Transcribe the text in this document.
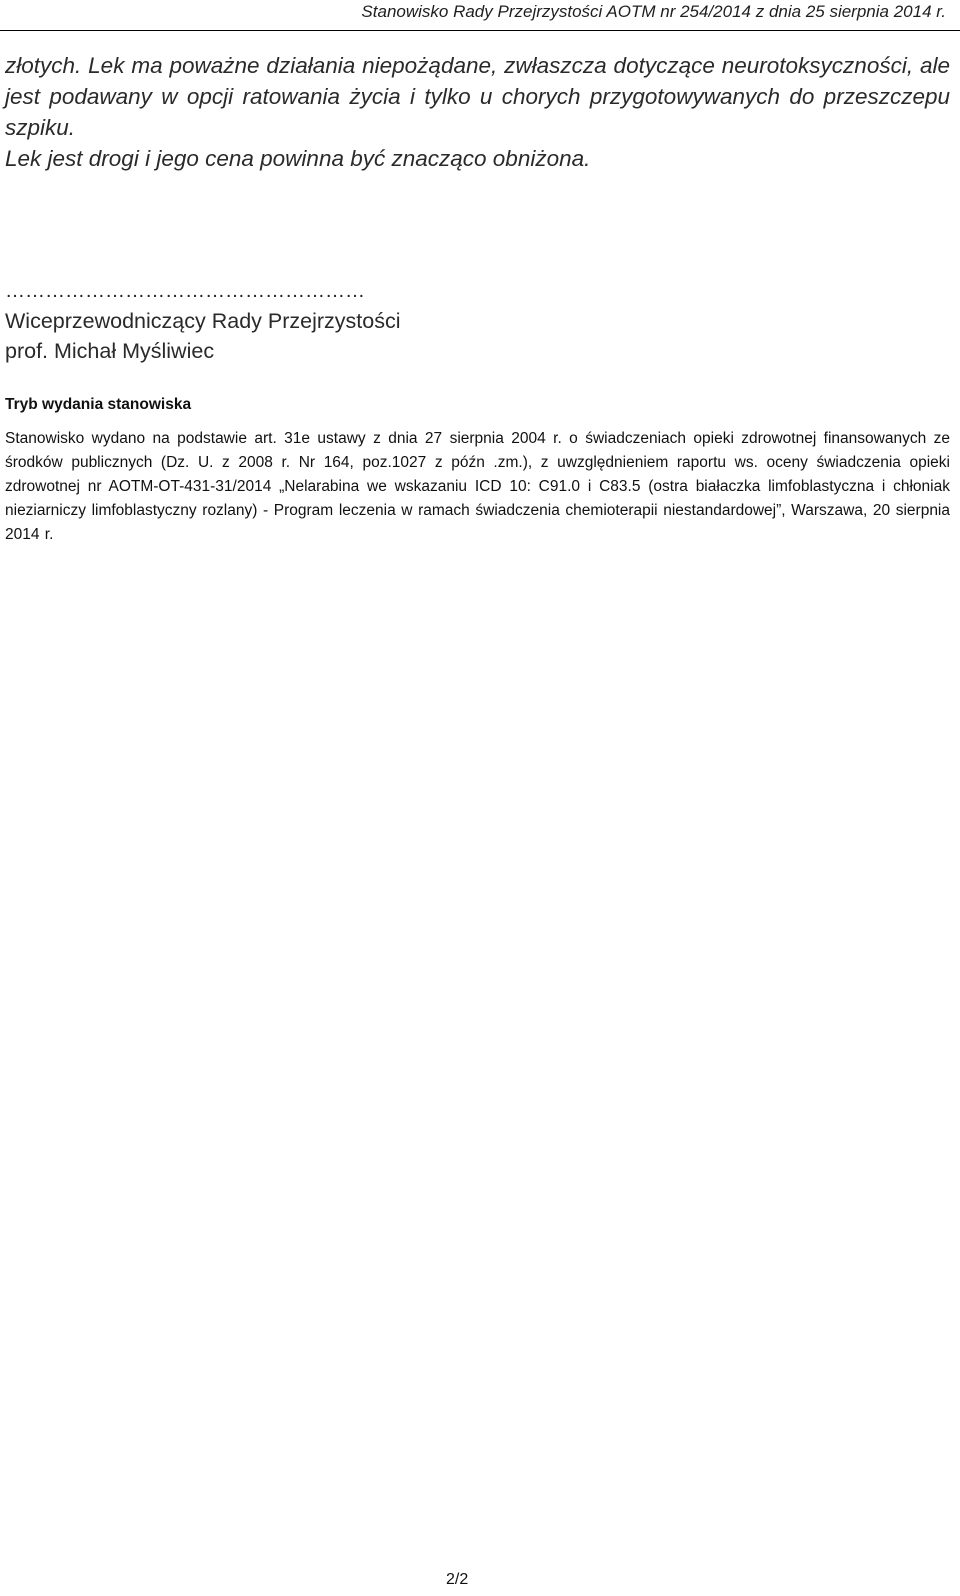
Stanowisko Rady Przejrzystości AOTM nr 254/2014 z dnia 25 sierpnia 2014 r.

złotych. Lek ma poważne działania niepożądane, zwłaszcza dotyczące neurotoksyczności, ale jest podawany w opcji ratowania życia i tylko u chorych przygotowywanych do przeszczepu szpiku.

Lek jest drogi i jego cena powinna być znacząco obniżona.

………………………………………………

Wiceprzewodniczący Rady Przejrzystości

prof. Michał Myśliwiec

Tryb wydania stanowiska

Stanowisko wydano na podstawie art. 31e ustawy z dnia 27 sierpnia 2004 r. o świadczeniach opieki zdrowotnej finansowanych ze środków publicznych (Dz. U. z 2008 r. Nr 164, poz.1027 z późn .zm.), z uwzględnieniem raportu ws. oceny świadczenia opieki zdrowotnej nr AOTM-OT-431-31/2014 „Nelarabina we wskazaniu ICD 10: C91.0 i C83.5 (ostra białaczka limfoblastyczna i chłoniak nieziarniczy limfoblastyczny rozlany) - Program leczenia w ramach świadczenia chemioterapii niestandardowej”, Warszawa, 20 sierpnia 2014 r.

2/2
